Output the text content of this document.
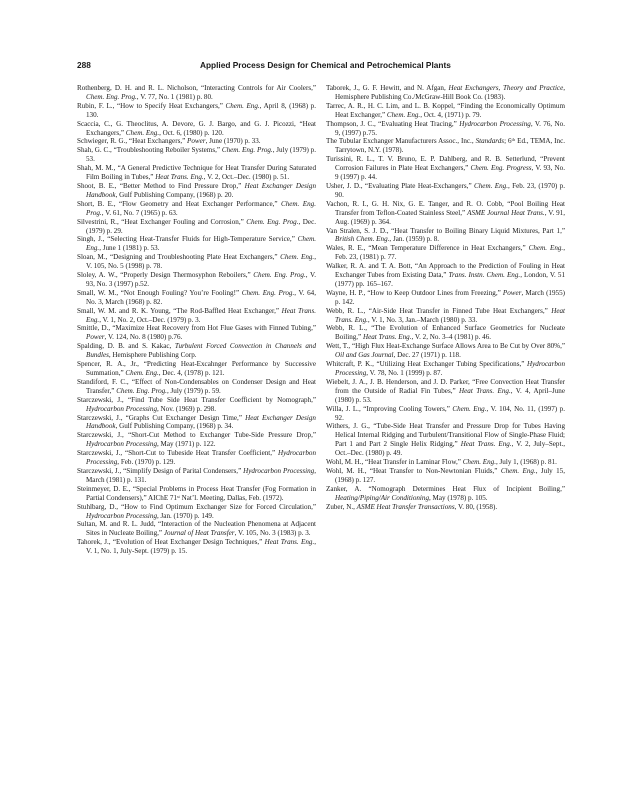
288	Applied Process Design for Chemical and Petrochemical Plants

Rothenberg, D. H. and R. L. Nicholson, “Interacting Controls for Air Coolers,” Chem. Eng. Prog., V. 77, No. 1 (1981) p. 80.

Rubin, F. L., “How to Specify Heat Exchangers,” Chem. Eng., April 8, (1968) p. 130.

Scaccia, C., G. Theoclitus, A. Devore, G. J. Bargo, and G. J. Picozzi, “Heat Exchangers,” Chem. Eng., Oct. 6, (1980) p. 120.

Schwieger, R. G., “Heat Exchangers,” Power, June (1970) p. 33.

Shah, G. C., “Troubleshooting Reboiler Systems,” Chem. Eng. Prog., July (1979) p. 53.

Shah, M. M., “A General Predictive Technique for Heat Transfer During Saturated Film Boiling in Tubes,” Heat Trans. Eng., V. 2, Oct.–Dec. (1980) p. 51.

Shoot, B. E., “Better Method to Find Pressure Drop,” Heat Exchanger Design Handbook, Gulf Publishing Company, (1968) p. 20.

Short, B. E., “Flow Geometry and Heat Exchanger Performance,” Chem. Eng. Prog., V. 61, No. 7 (1965) p. 63.

Silvestrini, R., “Heat Exchanger Fouling and Corrosion,” Chem. Eng. Prog., Dec. (1979) p. 29.

Singh, J., “Selecting Heat-Transfer Fluids for High-Temperature Service,” Chem. Eng., June 1 (1981) p. 53.

Sloan, M., “Designing and Troubleshooting Plate Heat Exchangers,” Chem. Eng., V. 105, No. 5 (1998) p. 78.

Sloley, A. W., “Properly Design Thermosyphon Reboilers,” Chem. Eng. Prog., V. 93, No. 3 (1997) p.52.

Small, W. M., “Not Enough Fouling? You’re Fooling!” Chem. Eng. Prog., V. 64, No. 3, March (1968) p. 82.

Small, W. M. and R. K. Young, “The Rod-Baffled Heat Exchanger,” Heat Trans. Eng., V. 1, No. 2, Oct.–Dec. (1979) p. 3.

Smittle, D., “Maximize Heat Recovery from Hot Flue Gases with Finned Tubing,” Power, V. 124, No. 8 (1980) p.76.

Spalding, D. B. and S. Kakac, Turbulent Forced Convection in Channels and Bundles, Hemisphere Publishing Corp.

Spencer, R. A., Jr., “Predicting Heat-Excahnger Performance by Successive Summation,” Chem. Eng., Dec. 4, (1978) p. 121.

Standiford, F. C., “Effect of Non-Condensables on Condenser Design and Heat Transfer,” Chem. Eng. Prog., July (1979) p. 59.

Starczewski, J., “Find Tube Side Heat Transfer Coefficient by Nomograph,” Hydrocarbon Processing, Nov. (1969) p. 298.

Starczewski, J., “Graphs Cut Exchanger Design Time,” Heat Exchanger Design Handbook, Gulf Publishing Company, (1968) p. 34.

Starczewski, J., “Short-Cut Method to Exchanger Tube-Side Pressure Drop,” Hydrocarbon Processing, May (1971) p. 122.

Starczewski, J., “Short-Cut to Tubeside Heat Transfer Coefficient,” Hydrocarbon Processing, Feb. (1970) p. 129.

Starczewski, J., “Simplify Design of Parital Condensers,” Hydrocarbon Processing, March (1981) p. 131.

Steinmeyer, D. E., “Special Problems in Process Heat Transfer (Fog Formation in Partial Condensers),” AIChE 71ˢᵗ Nat’l. Meeting, Dallas, Feb. (1972).

Stuhlbarg, D., “How to Find Optimum Exchanger Size for Forced Circulation,” Hydrocarbon Processing, Jan. (1970) p. 149.

Sultan, M. and R. L. Judd, “Interaction of the Nucleation Phenomena at Adjacent Sites in Nucleate Boiling,” Journal of Heat Transfer, V. 105, No. 3 (1983) p. 3.

Tahorek, J., “Evolution of Heat Exchanger Design Techniques,” Heat Trans. Eng., V. 1, No. 1, July-Sept. (1979) p. 15.

Taborek, J., G. F. Hewitt, and N. Afgan, Heat Exchangers, Theory and Practice, Hemisphere Publishing Co./McGraw-Hill Book Co. (1983).

Tarrec, A. R., H. C. Lim, and L. B. Koppel, “Finding the Economically Optimum Heat Exchanger,” Chem. Eng., Oct. 4, (1971) p. 79.

Thompson, J. C., “Evaluating Heat Tracing,” Hydrocarbon Processing, V. 76, No. 9, (1997) p.75.

The Tubular Exchanger Manufacturers Assoc., Inc., Standards; 6ᵗʰ Ed., TEMA, Inc. Tarrytown, N.Y. (1978).

Turissini, R. L., T. V. Bruno, E. P. Dahlberg, and R. B. Setterlund, “Prevent Corrosion Failures in Plate Heat Exchangers,” Chem. Eng. Progress, V. 93, No. 9 (1997) p. 44.

Usher, J. D., “Evaluating Plate Heat-Exchangers,” Chem. Eng., Feb. 23, (1970) p. 90.

Vachon, R. I., G. H. Nix, G. E. Tanger, and R. O. Cobb, “Pool Boiling Heat Transfer from Teflon-Coated Stainless Steel,” ASME Journal Heat Trans., V. 91, Aug. (1969) p. 364.

Van Stralen, S. J. D., “Heat Transfer to Boiling Binary Liquid Mixtures, Part 1,” British Chem. Eng., Jan. (1959) p. 8.

Wales, R. E., “Mean Temperature Difference in Heat Exchangers,” Chem. Eng., Feb. 23, (1981) p. 77.

Walker, R. A. and T. A. Bott, “An Approach to the Prediction of Fouling in Heat Exchanger Tubes from Existing Data,” Trans. Instn. Chem. Eng., London, V. 51 (1977) pp. 165–167.

Wayne, H. P., “How to Keep Outdoor Lines from Freezing,” Power, March (1955) p. 142.

Webb, R. L., “Air-Side Heat Transfer in Finned Tube Heat Exchangers,” Heat Trans. Eng., V. 1, No. 3, Jan.–March (1980) p. 33.

Webb, R. L., “The Evolution of Enhanced Surface Geometrics for Nucleate Boiling,” Heat Trans. Eng., V. 2, No. 3–4 (1981) p. 46.

Wett, T., “High Flux Heat-Exchange Surface Allows Area to Be Cut by Over 80%,” Oil and Gas Journal, Dec. 27 (1971) p. 118.

Whitcraft, P. K., “Utilizing Heat Exchanger Tubing Specifications,” Hydrocarbon Processing, V. 78, No. 1 (1999) p. 87.

Wiebelt, J. A., J. B. Henderson, and J. D. Parker, “Free Convection Heat Transfer from the Outside of Radial Fin Tubes,” Heat Trans. Eng., V. 4, April–June (1980) p. 53.

Willa, J. L., “Improving Cooling Towers,” Chem. Eng., V. 104, No. 11, (1997) p. 92.

Withers, J. G., “Tube-Side Heat Transfer and Pressure Drop for Tubes Having Helical Internal Ridging and Turbulent/Transitional Flow of Single-Phase Fluid; Part 1 and Part 2 Single Helix Ridging,” Heat Trans. Eng., V. 2, July–Sept., Oct.–Dec. (1980) p. 49.

Wohl, M. H., “Heat Transfer in Laminar Flow,” Chem. Eng., July 1, (1968) p. 81.

Wohl, M. H., “Heat Transfer to Non-Newtonian Fluids,” Chem. Eng., July 15, (1968) p. 127.

Zanker, A. “Nomograph Determines Heat Flux of Incipient Boiling,” Heating/Piping/Air Conditioning, May (1978) p. 105.

Zuber, N., ASME Heat Transfer Transactions, V. 80, (1958).
